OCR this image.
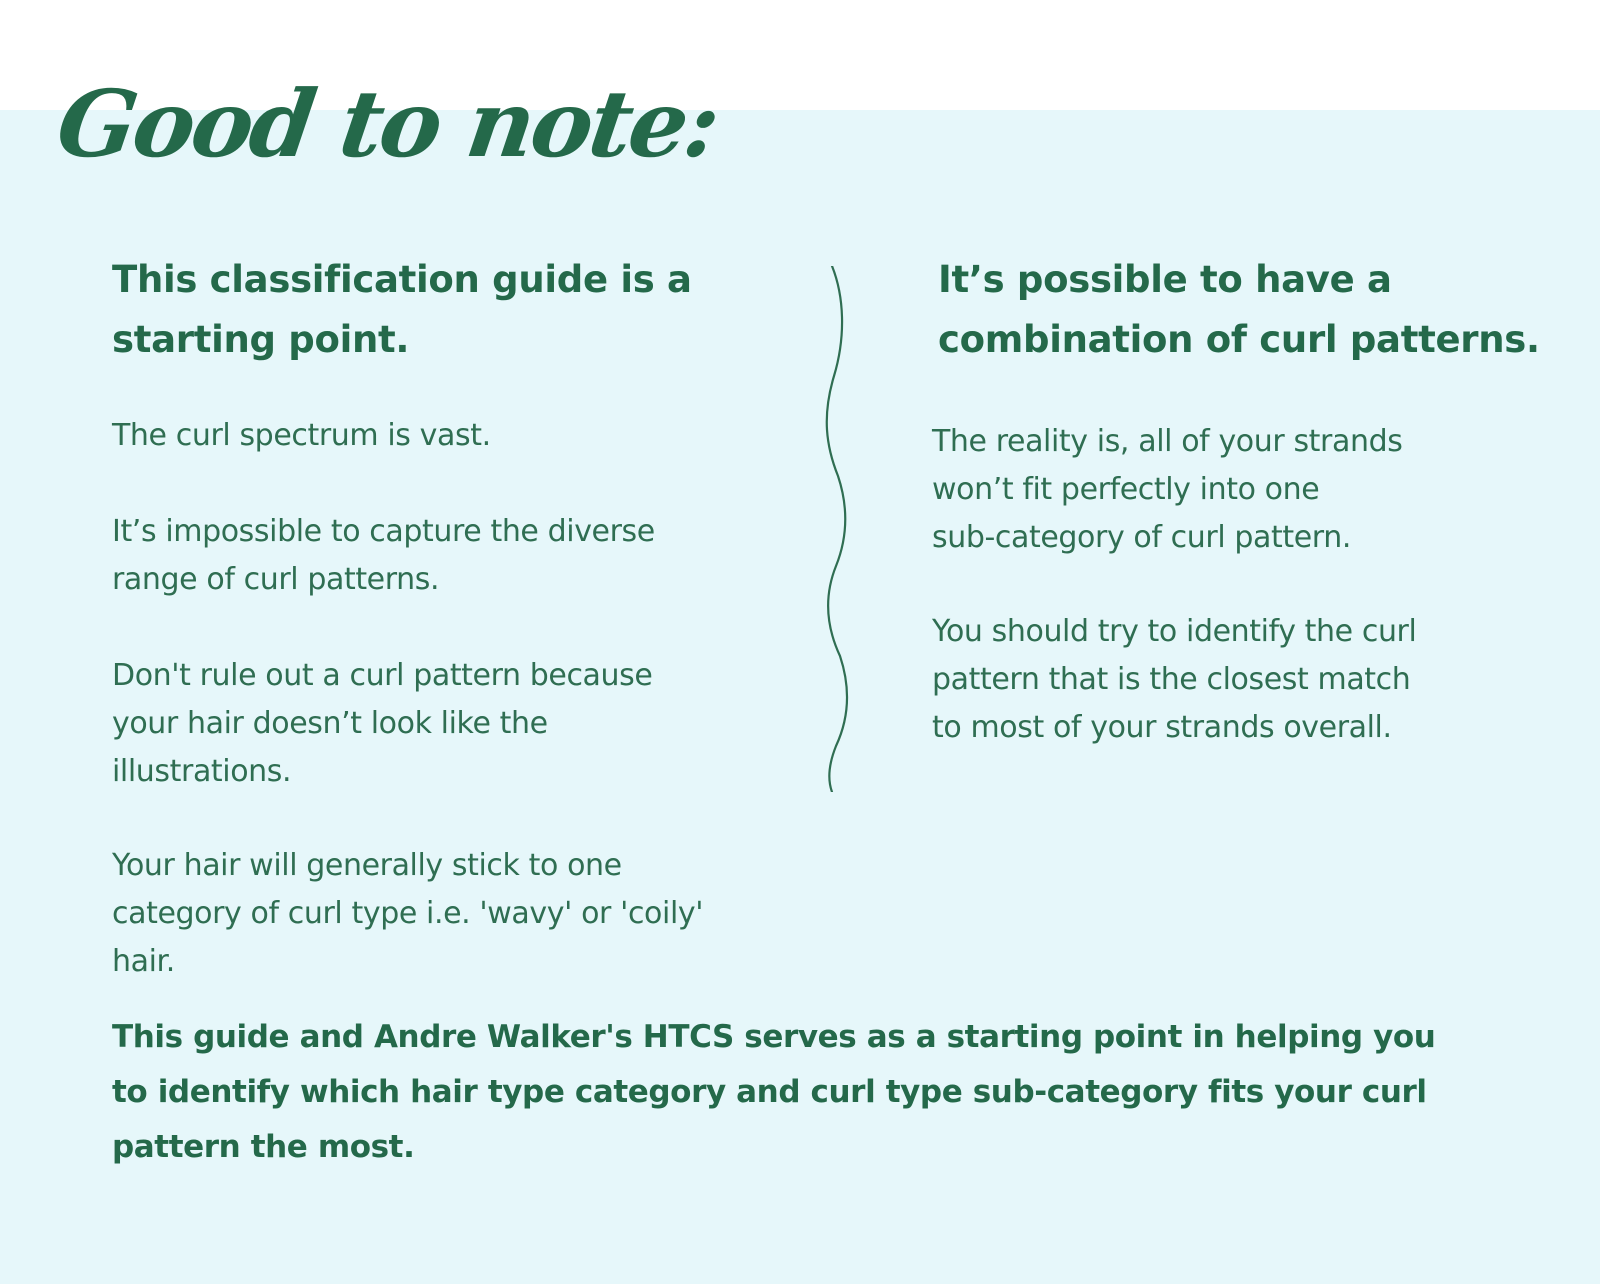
Good to note:
This classification guide is a
starting point.

The curl spectrum is vast.

It’s impossible to capture the diverse
range of curl patterns.

Don't rule out a curl pattern because
your hair doesn’t look like the
illustrations.

Your hair will generally stick to one
category of curl type i.e. 'wavy' or 'coily'
hair.

It’s possible to have a
combination of curl patterns.

The reality is, all of your strands
won’t fit perfectly into one
sub-category of curl pattern.

You should try to identify the curl
pattern that is the closest match
to most of your strands overall.

This guide and Andre Walker's HTCS serves as a starting point in helping you
to identify which hair type category and curl type sub-category fits your curl
pattern the most.
